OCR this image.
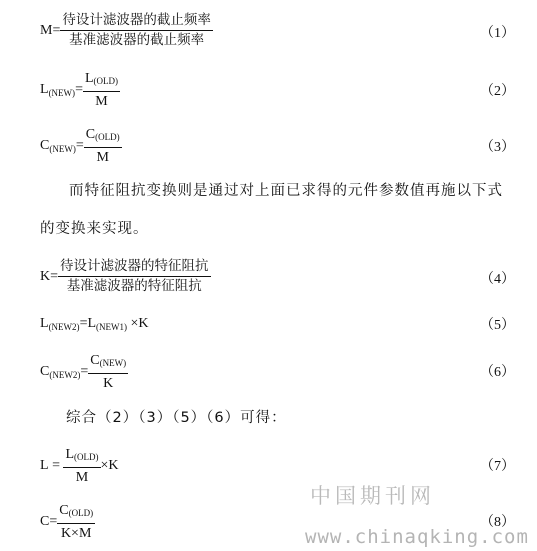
$M= \frac{\text{待设计滤波器的截止频率}}{\text{基准滤波器的截止频率}}$	（1）
$L_{(NEW)}= \frac{\text{L(OLD)}}{M}$	（2）
$C_{(NEW)}= \frac{\text{C(OLD)}}{M}$	（3）
而特征阻抗变换则是通过对上面已求得的元件参数值再施以下式的变换来实现。
$K= \frac{\text{待设计滤波器的特征阻抗}}{\text{基准滤波器的特征阻抗}}$	（4）
$L_{(NEW2)}=L_{(NEW1)} \times K$	（5）
$C_{(NEW2)}= \frac{\text{C(NEW)}}{K}$	（6）
综合（2）（3）（5）（6）可得：
$L = \frac{\text{L(OLD)}}{M} \times K$	（7）
$C= \frac{\text{C(OLD)}}{K\times M}$	（8）
中国期刊网
www.chinaqking.com
